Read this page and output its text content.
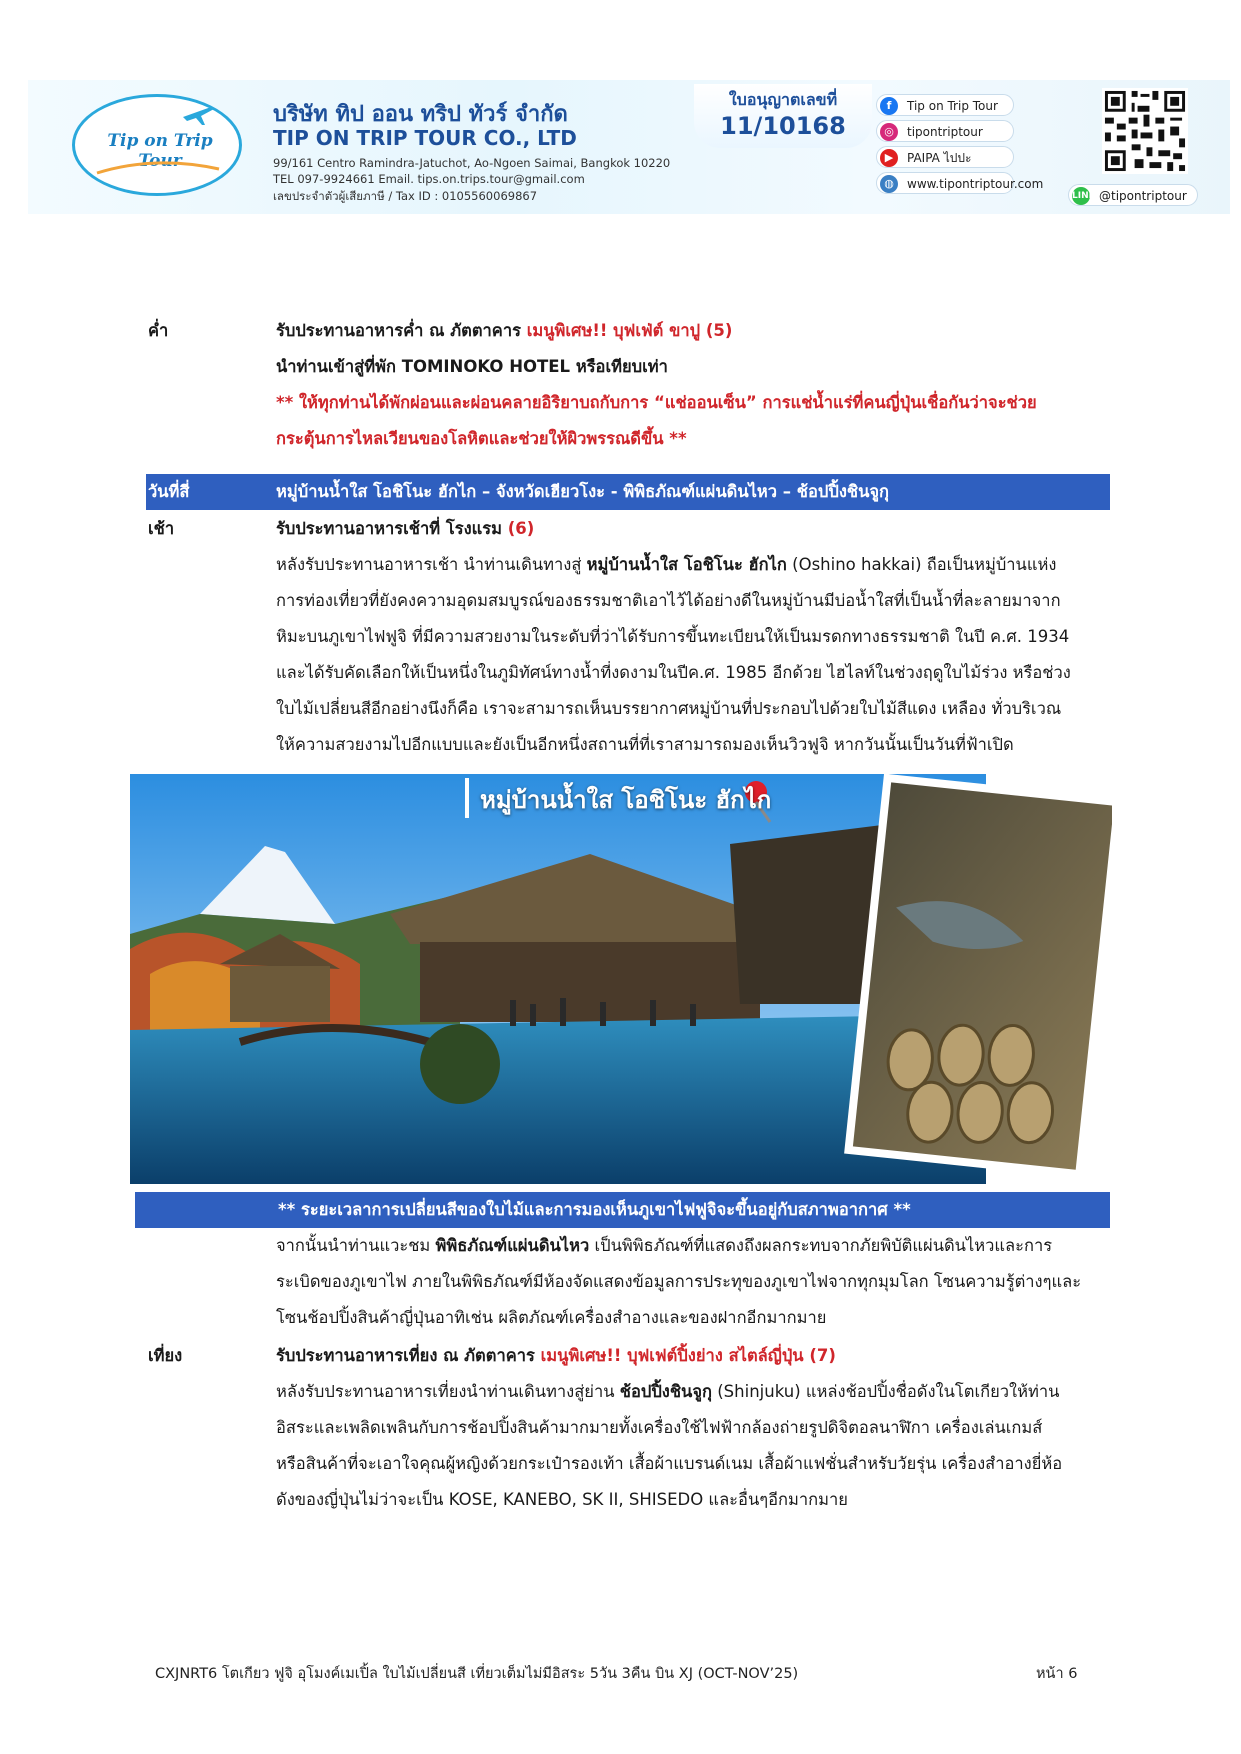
Tip on Trip Tour
บริษัท ทิป ออน ทริป ทัวร์ จำกัด
TIP ON TRIP TOUR CO., LTD
99/161 Centro Ramindra-Jatuchot, Ao-Ngoen Saimai, Bangkok 10220
TEL 097-9924661 Email. tips.on.trips.tour@gmail.com
เลขประจำตัวผู้เสียภาษี / Tax ID : 0105560069867
ใบอนุญาตเลขที่
11/10168
f	Tip on Trip Tour
◎	tipontriptour
▶	PAIPA ไปปะ
◍	www.tipontriptour.com
LINE @tipontriptour
ค่ำ	รับประทานอาหารค่ำ ณ ภัตตาคาร เมนูพิเศษ!! บุฟเฟ่ต์ ขาปู (5)
นำท่านเข้าสู่ที่พัก TOMINOKO HOTEL หรือเทียบเท่า
** ให้ทุกท่านได้พักผ่อนและผ่อนคลายอิริยาบถกับการ “แช่ออนเซ็น” การแช่น้ำแร่ที่คนญี่ปุ่นเชื่อกันว่าจะช่วย
กระตุ้นการไหลเวียนของโลหิตและช่วยให้ผิวพรรณดีขึ้น **
วันที่สี่	หมู่บ้านน้ำใส โอชิโนะ ฮักไก – จังหวัดเฮียวโงะ - พิพิธภัณฑ์แผ่นดินไหว – ช้อปปิ้งชินจูกุ
เช้า	รับประทานอาหารเช้าที่ โรงแรม (6)
หลังรับประทานอาหารเช้า นำท่านเดินทางสู่ หมู่บ้านน้ำใส โอชิโนะ ฮักไก (Oshino hakkai) ถือเป็นหมู่บ้านแห่ง
การท่องเที่ยวที่ยังคงความอุดมสมบูรณ์ของธรรมชาติเอาไว้ได้อย่างดีในหมู่บ้านมีบ่อน้ำใสที่เป็นน้ำที่ละลายมาจาก
หิมะบนภูเขาไฟฟูจิ ที่มีความสวยงามในระดับที่ว่าได้รับการขึ้นทะเบียนให้เป็นมรดกทางธรรมชาติ ในปี ค.ศ. 1934
และได้รับคัดเลือกให้เป็นหนึ่งในภูมิทัศน์ทางน้ำที่งดงามในปีค.ศ. 1985 อีกด้วย ไฮไลท์ในช่วงฤดูใบไม้ร่วง หรือช่วง
ใบไม้เปลี่ยนสีอีกอย่างนึงก็คือ เราจะสามารถเห็นบรรยากาศหมู่บ้านที่ประกอบไปด้วยใบไม้สีแดง เหลือง ทั่วบริเวณ
ให้ความสวยงามไปอีกแบบและยังเป็นอีกหนึ่งสถานที่ที่เราสามารถมองเห็นวิวฟูจิ หากวันนั้นเป็นวันที่ฟ้าเปิด
หมู่บ้านน้ำใส โอชิโนะ ฮักไก
** ระยะเวลาการเปลี่ยนสีของใบไม้และการมองเห็นภูเขาไฟฟูจิจะขึ้นอยู่กับสภาพอากาศ **
จากนั้นนำท่านแวะชม พิพิธภัณฑ์แผ่นดินไหว เป็นพิพิธภัณฑ์ที่แสดงถึงผลกระทบจากภัยพิบัติแผ่นดินไหวและการ
ระเบิดของภูเขาไฟ ภายในพิพิธภัณฑ์มีห้องจัดแสดงข้อมูลการประทุของภูเขาไฟจากทุกมุมโลก โซนความรู้ต่างๆและ
โซนช้อปปิ้งสินค้าญี่ปุ่นอาทิเช่น ผลิตภัณฑ์เครื่องสำอางและของฝากอีกมากมาย
เที่ยง	รับประทานอาหารเที่ยง ณ ภัตตาคาร เมนูพิเศษ!! บุฟเฟต์ปิ้งย่าง สไตล์ญี่ปุ่น (7)
หลังรับประทานอาหารเที่ยงนำท่านเดินทางสู่ย่าน ช้อปปิ้งชินจูกุ (Shinjuku) แหล่งช้อปปิ้งชื่อดังในโตเกียวให้ท่าน
อิสระและเพลิดเพลินกับการช้อปปิ้งสินค้ามากมายทั้งเครื่องใช้ไฟฟ้ากล้องถ่ายรูปดิจิตอลนาฬิกา เครื่องเล่นเกมส์
หรือสินค้าที่จะเอาใจคุณผู้หญิงด้วยกระเป๋ารองเท้า เสื้อผ้าแบรนด์เนม เสื้อผ้าแฟชั่นสำหรับวัยรุ่น เครื่องสำอางยี่ห้อ
ดังของญี่ปุ่นไม่ว่าจะเป็น KOSE, KANEBO, SK II, SHISEDO และอื่นๆอีกมากมาย
CXJNRT6 โตเกียว ฟูจิ อุโมงค์เมเปิ้ล ใบไม้เปลี่ยนสี เที่ยวเต็มไม่มีอิสระ 5วัน 3คืน บิน XJ (OCT-NOV’25)	หน้า 6
